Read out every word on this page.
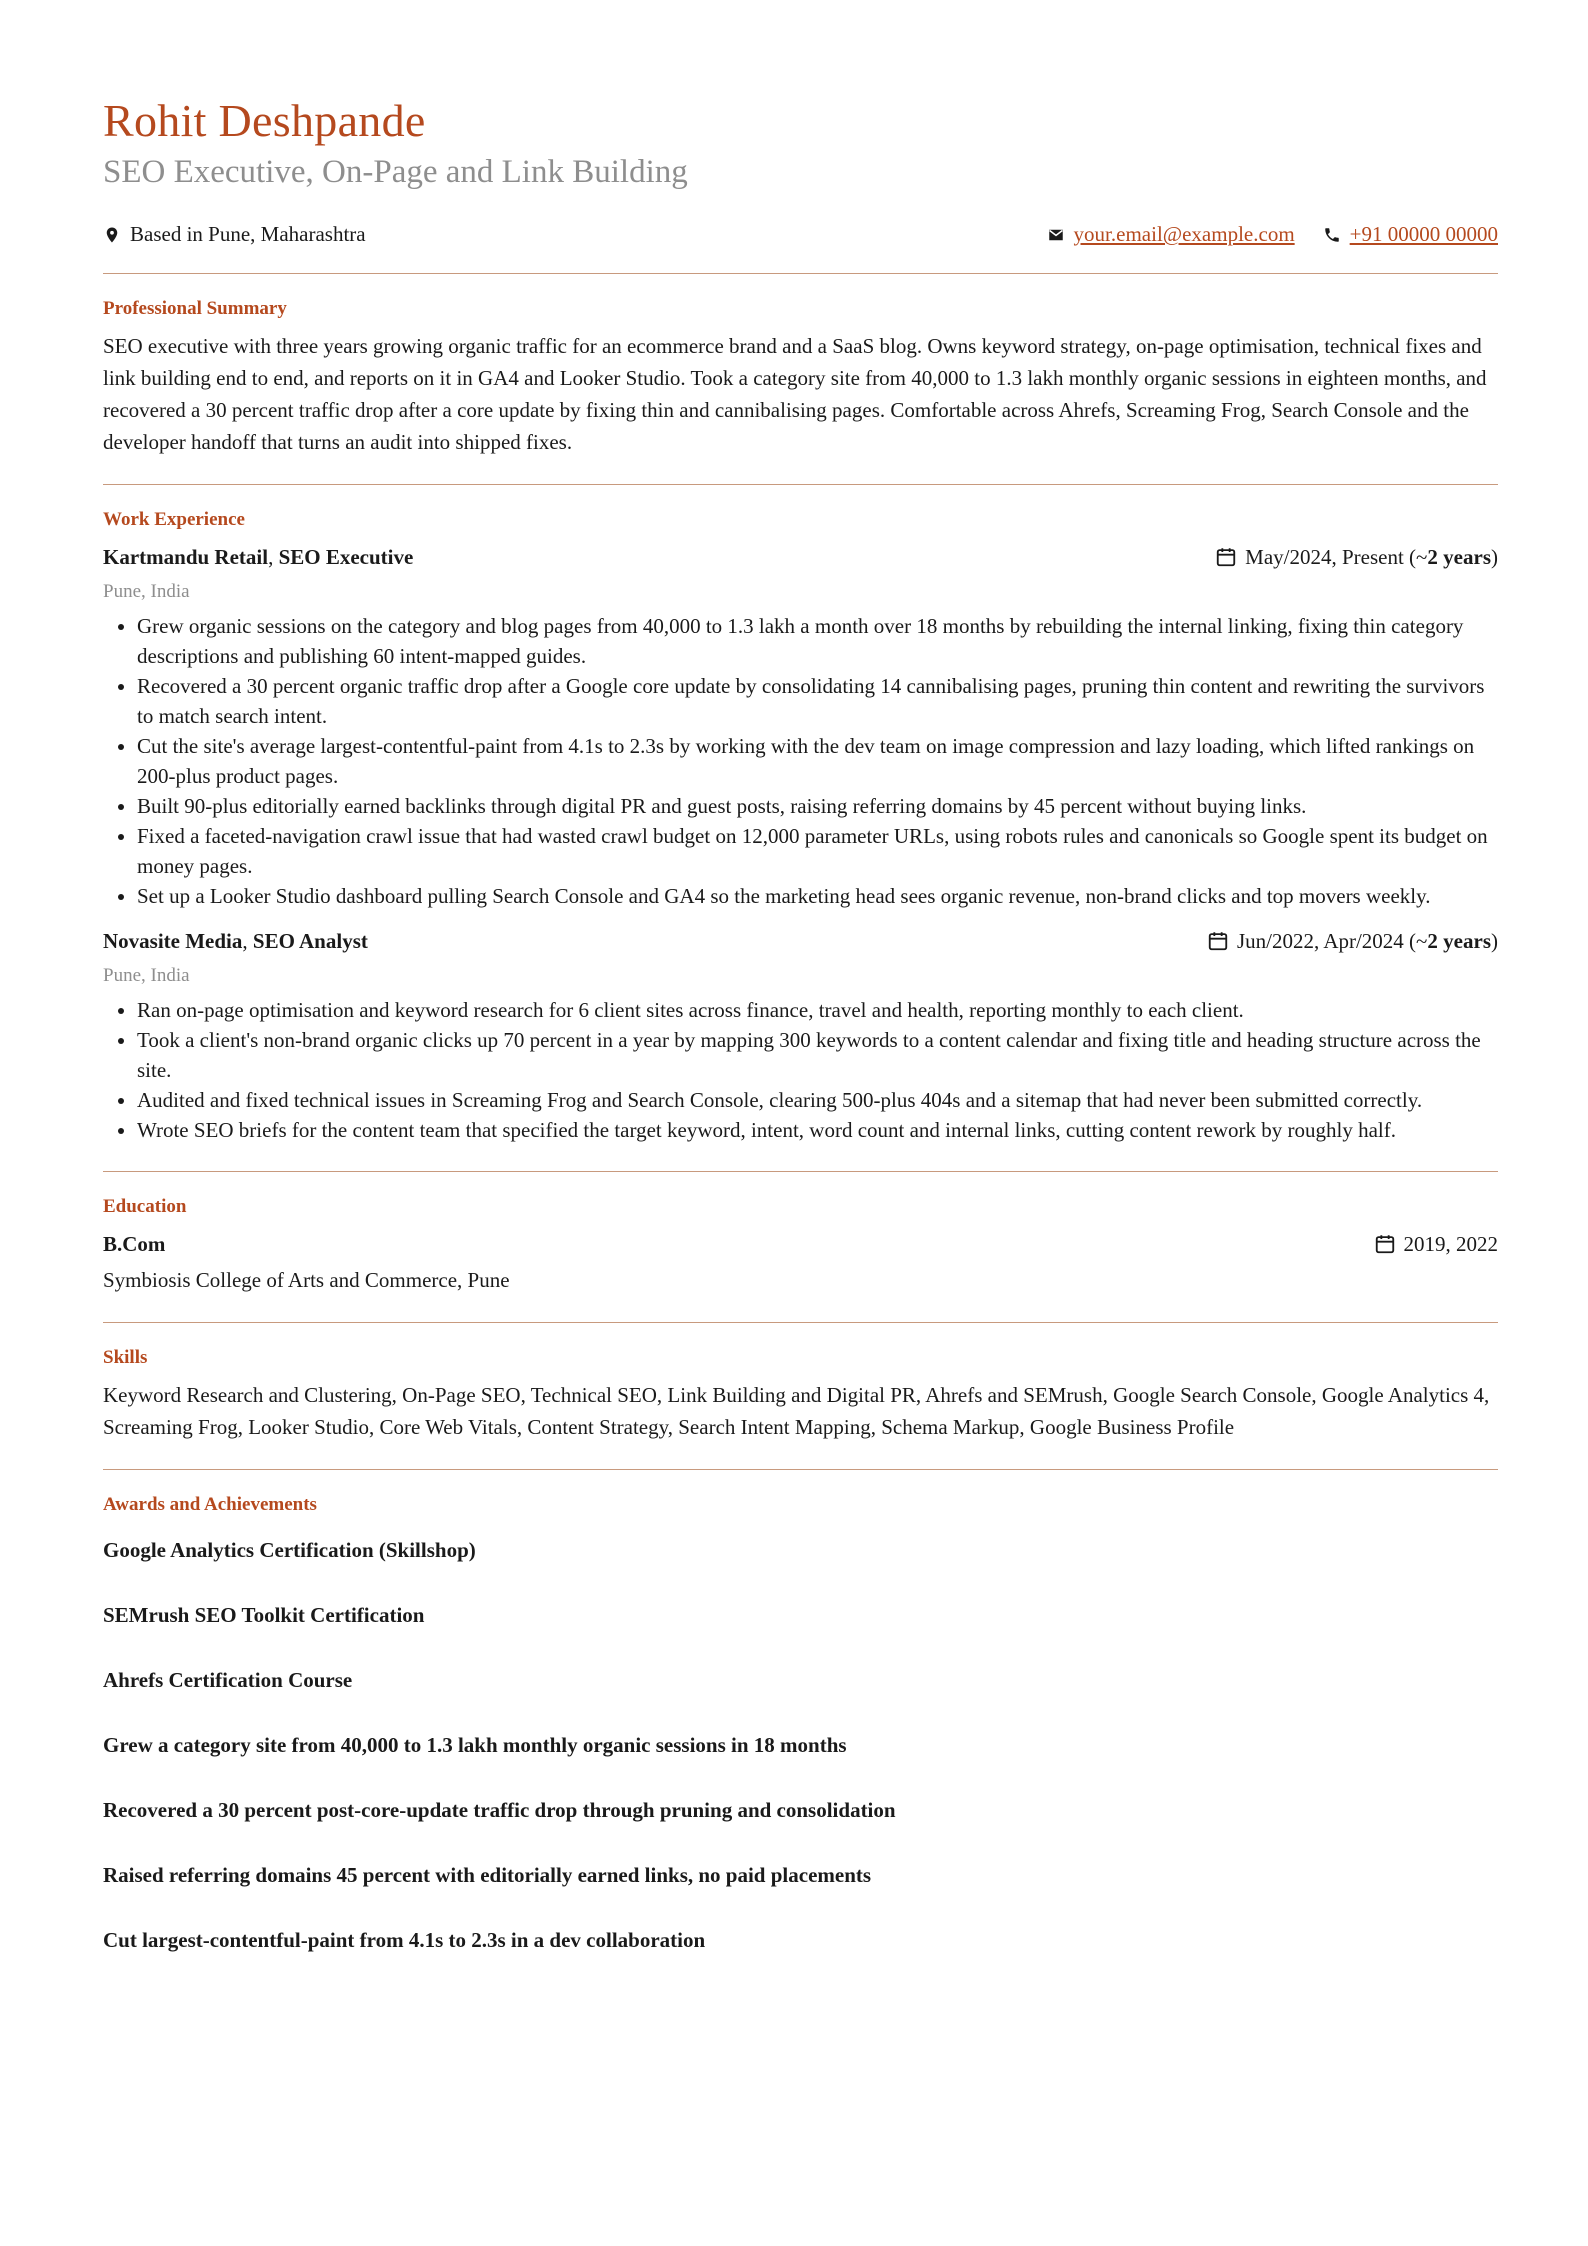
Rohit Deshpande
SEO Executive, On-Page and Link Building
Based in Pune, Maharashtra	your.email@example.com	+91 00000 00000
Professional Summary

SEO executive with three years growing organic traffic for an ecommerce brand and a SaaS blog. Owns keyword strategy, on-page optimisation, technical fixes and link building end to end, and reports on it in GA4 and Looker Studio. Took a category site from 40,000 to 1.3 lakh monthly organic sessions in eighteen months, and recovered a 30 percent traffic drop after a core update by fixing thin and cannibalising pages. Comfortable across Ahrefs, Screaming Frog, Search Console and the developer handoff that turns an audit into shipped fixes.

Work Experience
Kartmandu Retail, SEO Executive	May/2024, Present (~ 2 years )
Pune, India
• Grew organic sessions on the category and blog pages from 40,000 to 1.3 lakh a month over 18 months by rebuilding the internal linking, fixing thin category descriptions and publishing 60 intent-mapped guides.
• Recovered a 30 percent organic traffic drop after a Google core update by consolidating 14 cannibalising pages, pruning thin content and rewriting the survivors to match search intent.
• Cut the site's average largest-contentful-paint from 4.1s to 2.3s by working with the dev team on image compression and lazy loading, which lifted rankings on 200-plus product pages.
• Built 90-plus editorially earned backlinks through digital PR and guest posts, raising referring domains by 45 percent without buying links.
• Fixed a faceted-navigation crawl issue that had wasted crawl budget on 12,000 parameter URLs, using robots rules and canonicals so Google spent its budget on money pages.
• Set up a Looker Studio dashboard pulling Search Console and GA4 so the marketing head sees organic revenue, non-brand clicks and top movers weekly.
Novasite Media, SEO Analyst	Jun/2022, Apr/2024 (~ 2 years )
Pune, India
• Ran on-page optimisation and keyword research for 6 client sites across finance, travel and health, reporting monthly to each client.
• Took a client's non-brand organic clicks up 70 percent in a year by mapping 300 keywords to a content calendar and fixing title and heading structure across the site.
• Audited and fixed technical issues in Screaming Frog and Search Console, clearing 500-plus 404s and a sitemap that had never been submitted correctly.
• Wrote SEO briefs for the content team that specified the target keyword, intent, word count and internal links, cutting content rework by roughly half.
Education
B.Com	2019, 2022
Symbiosis College of Arts and Commerce, Pune
Skills

Keyword Research and Clustering, On-Page SEO, Technical SEO, Link Building and Digital PR, Ahrefs and SEMrush, Google Search Console, Google Analytics 4, Screaming Frog, Looker Studio, Core Web Vitals, Content Strategy, Search Intent Mapping, Schema Markup, Google Business Profile

Awards and Achievements

Google Analytics Certification (Skillshop)

SEMrush SEO Toolkit Certification

Ahrefs Certification Course

Grew a category site from 40,000 to 1.3 lakh monthly organic sessions in 18 months

Recovered a 30 percent post-core-update traffic drop through pruning and consolidation

Raised referring domains 45 percent with editorially earned links, no paid placements

Cut largest-contentful-paint from 4.1s to 2.3s in a dev collaboration
